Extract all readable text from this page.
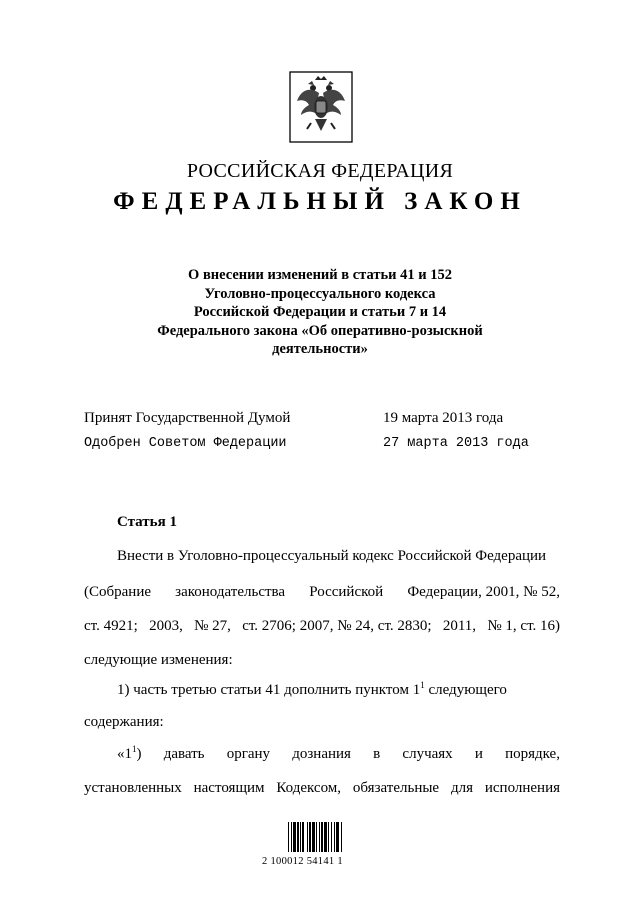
РОССИЙСКАЯ ФЕДЕРАЦИЯ
ФЕДЕРАЛЬНЫЙ ЗАКОН
О внесении изменений в статьи 41 и 152
Уголовно-процессуального кодекса
Российской Федерации и статьи 7 и 14
Федерального закона «Об оперативно-розыскной
деятельности»
Принят Государственной Думой	19 марта 2013 года
Одобрен Советом Федерации	27 марта 2013 года
Статья 1
Внести в Уголовно-процессуальный кодекс Российской Федерации
(Собрание законодательства Российской Федерации, 2001, № 52,
ст. 4921; 2003, № 27, ст. 2706; 2007, № 24, ст. 2830; 2011, № 1, ст. 16)
следующие изменения:
1) часть третью статьи 41 дополнить пунктом $1^1$ следующего
содержания:
«$1^1$) давать органу дознания в случаях и порядке,
установленных настоящим Кодексом, обязательные для исполнения
2 100012 54141 1
